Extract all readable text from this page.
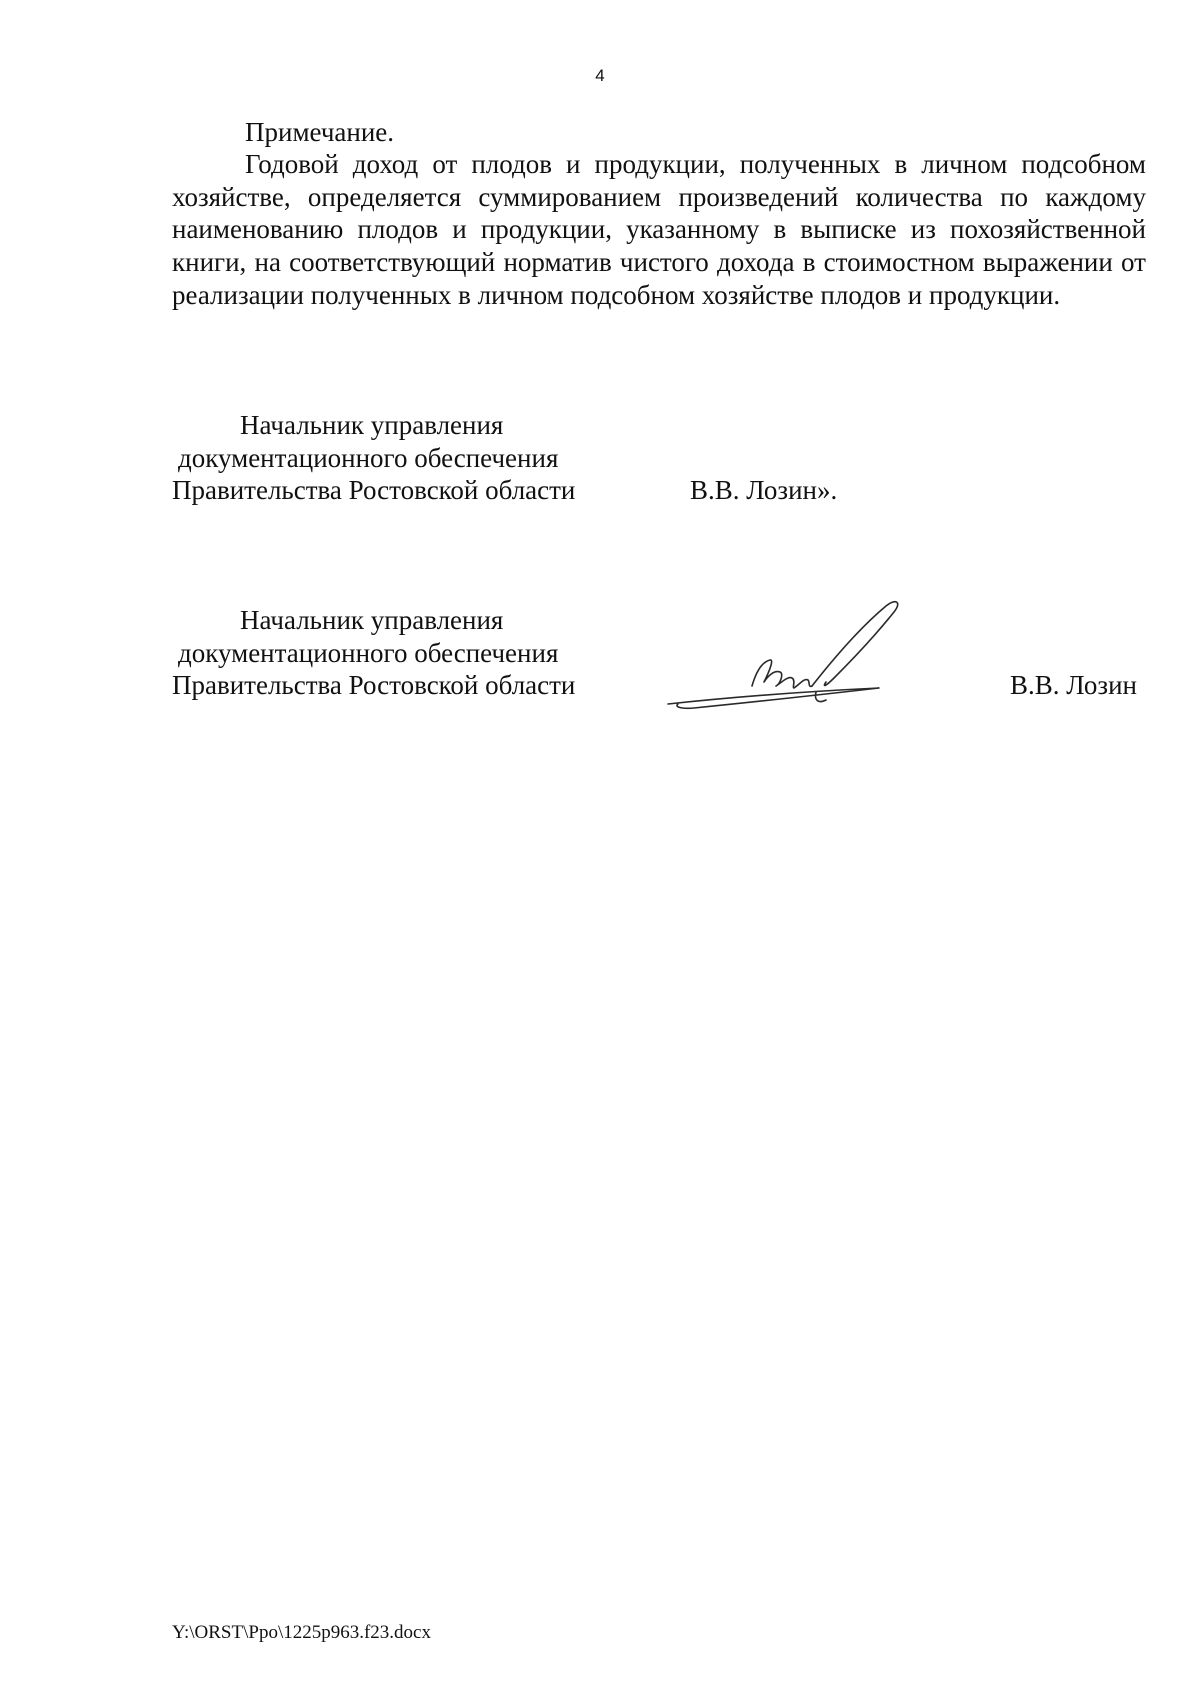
4
Примечание.
Годовой доход от плодов и продукции, полученных в личном подсобном хозяйстве, определяется суммированием произведений количества по каждому наименованию плодов и продукции, указанному в выписке из похозяйственной книги, на соответствующий норматив чистого дохода в стоимостном выражении от реализации полученных в личном подсобном хозяйстве плодов и продукции.
Начальник управления
документационного обеспечения
Правительства Ростовской области	В.В. Лозин».
Начальник управления
документационного обеспечения
Правительства Ростовской области	В.В. Лозин
Y:\ORST\Ppo\1225p963.f23.docx
